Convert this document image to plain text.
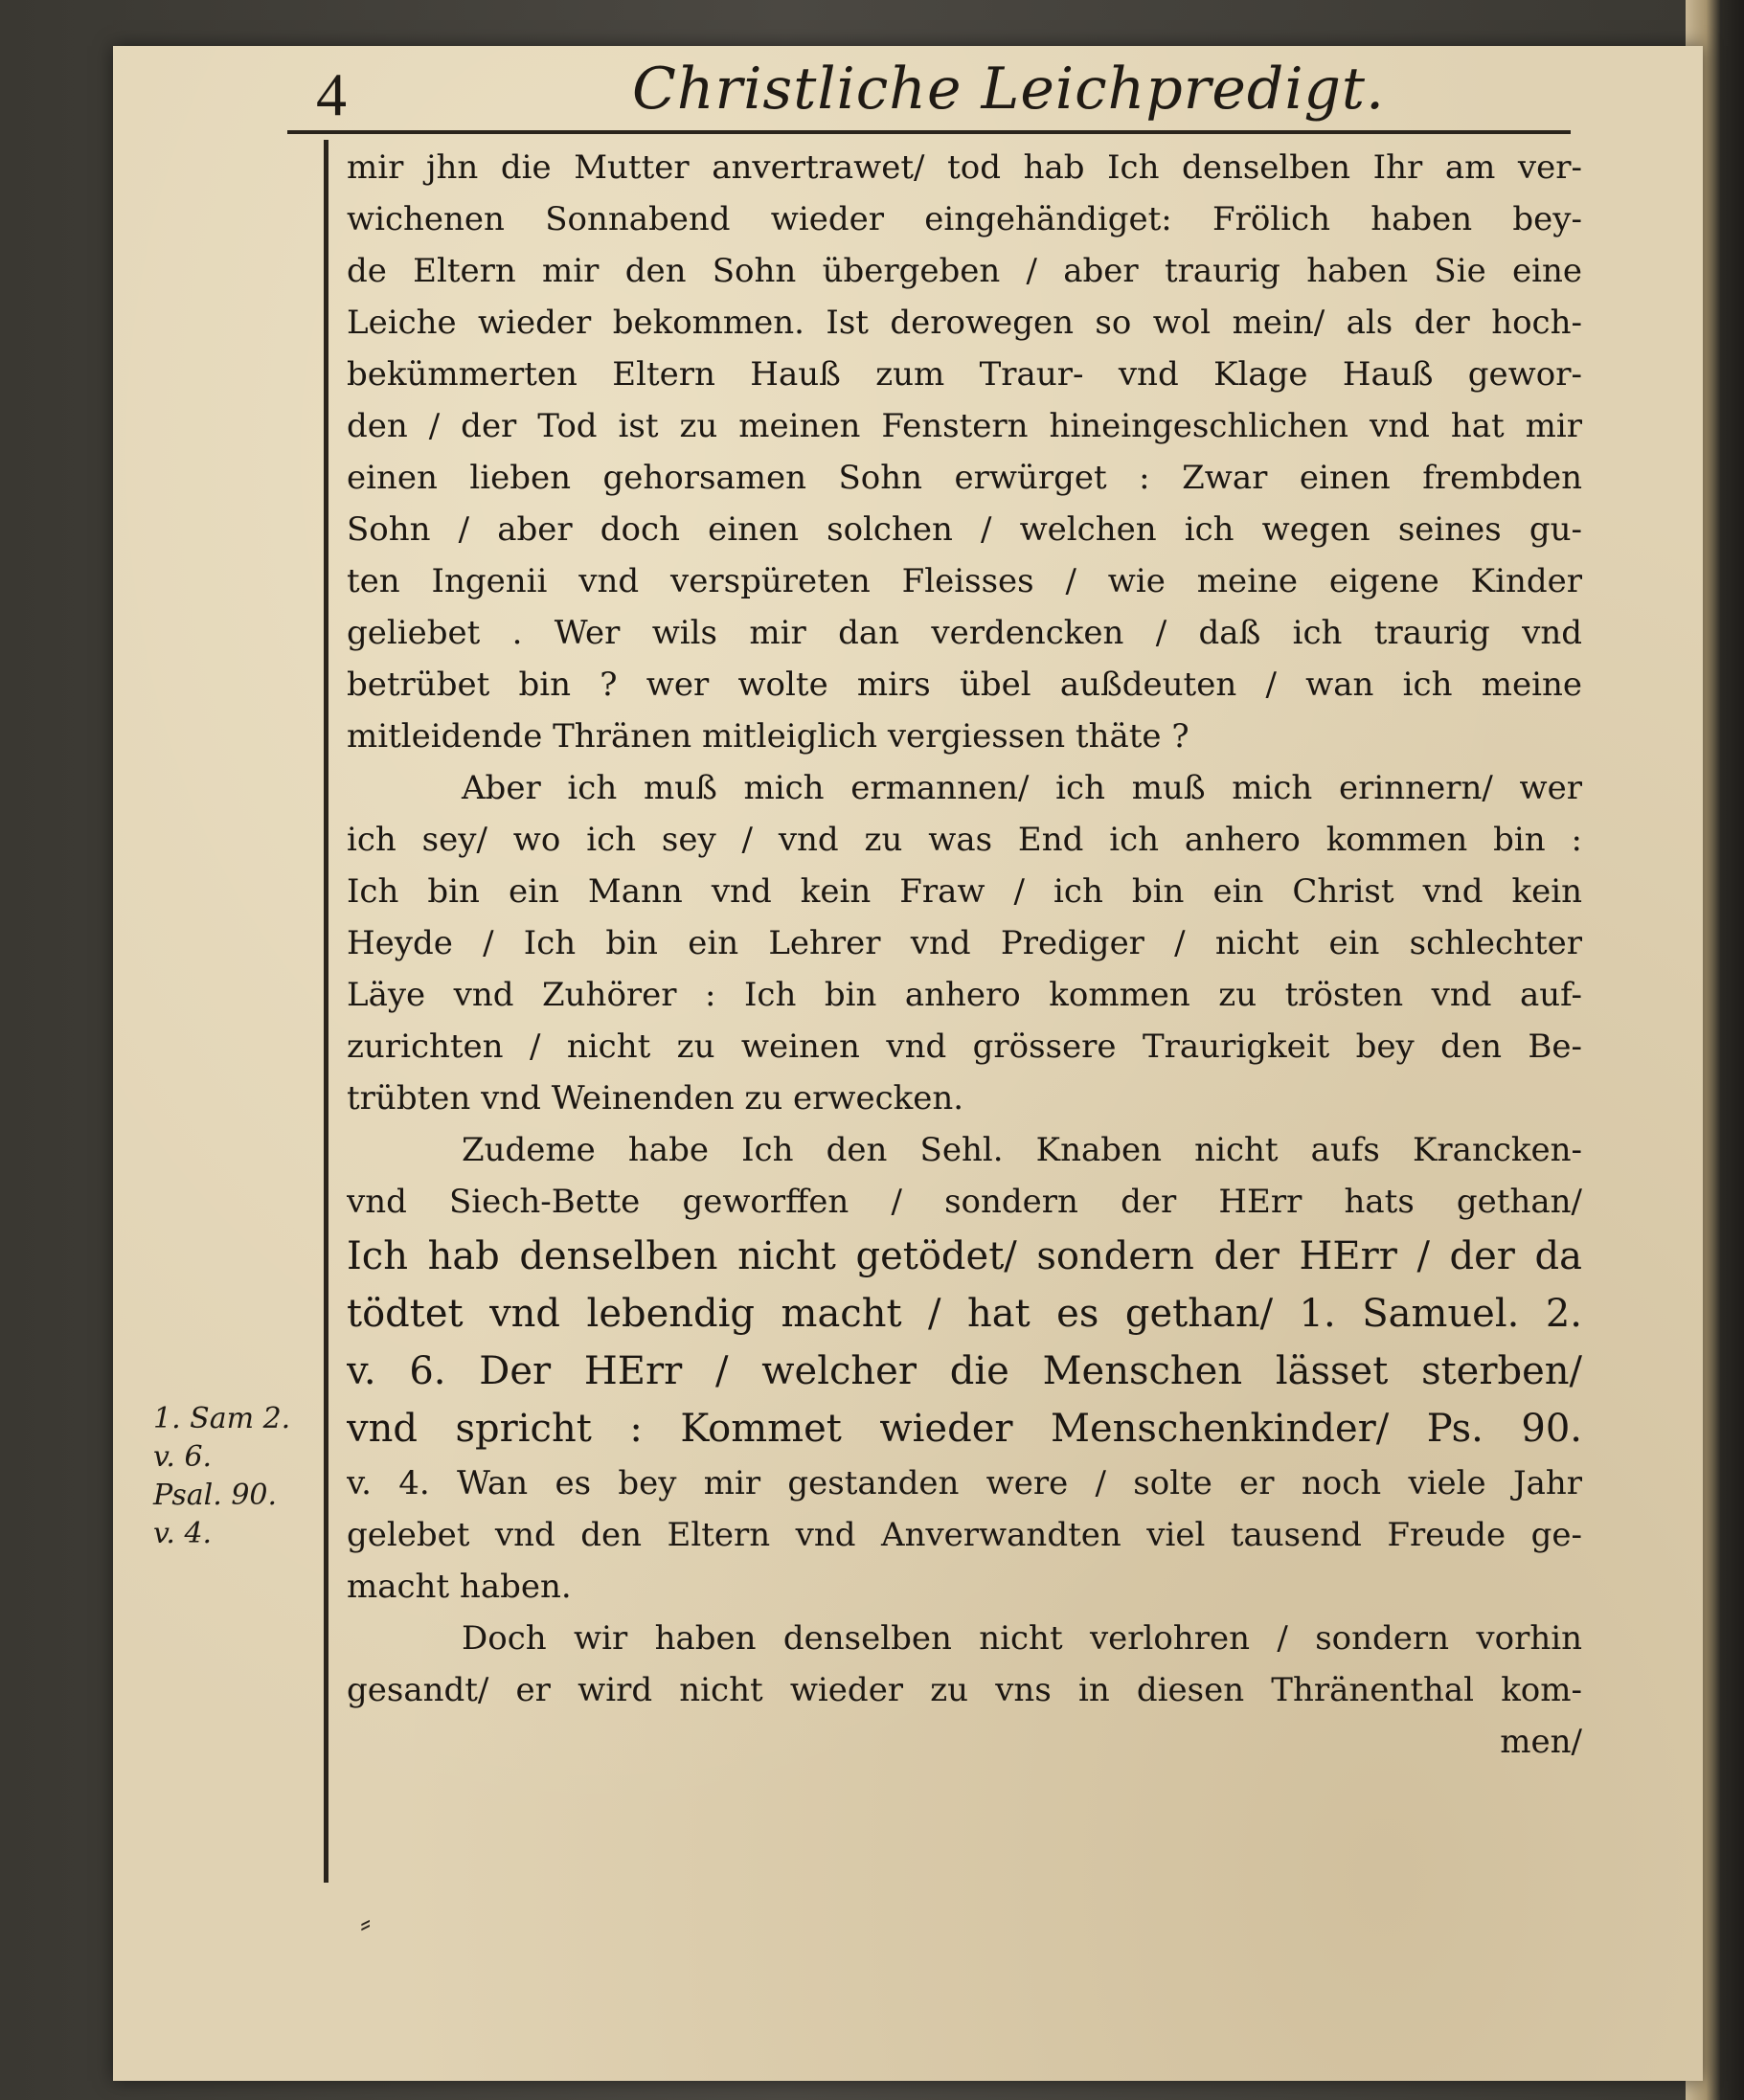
4	Christliche Leichpredigt.
mir jhn die Mutter anvertrawet/ tod hab Ich denselben Ihr am ver-
wichenen Sonnabend wieder eingehändiget: Frölich haben bey-
de Eltern mir den Sohn übergeben / aber traurig haben Sie eine
Leiche wieder bekommen. Ist derowegen so wol mein/ als der hoch-
bekümmerten Eltern Hauß zum Traur- vnd Klage Hauß gewor-
den / der Tod ist zu meinen Fenstern hineingeschlichen vnd hat mir
einen lieben gehorsamen Sohn erwürget : Zwar einen frembden
Sohn / aber doch einen solchen / welchen ich wegen seines gu-
ten Ingenii vnd verspüreten Fleisses / wie meine eigene Kinder
geliebet . Wer wils mir dan verdencken / daß ich traurig vnd
betrübet bin ? wer wolte mirs übel außdeuten / wan ich meine
mitleidende Thränen mitleiglich vergiessen thäte ?
Aber ich muß mich ermannen/ ich muß mich erinnern/ wer
ich sey/ wo ich sey / vnd zu was End ich anhero kommen bin :
Ich bin ein Mann vnd kein Fraw / ich bin ein Christ vnd kein
Heyde / Ich bin ein Lehrer vnd Prediger / nicht ein schlechter
Läye vnd Zuhörer : Ich bin anhero kommen zu trösten vnd auf-
zurichten / nicht zu weinen vnd grössere Traurigkeit bey den Be-
trübten vnd Weinenden zu erwecken.
Zudeme habe Ich den Sehl. Knaben nicht aufs Krancken-
vnd Siech-Bette geworffen / sondern der HErr hats gethan/
Ich hab denselben nicht getödet/ sondern der HErr / der da
tödtet vnd lebendig macht / hat es gethan/ 1. Samuel. 2.
v. 6. Der HErr / welcher die Menschen lässet sterben/
vnd spricht : Kommet wieder Menschenkinder/ Ps. 90.
v. 4. Wan es bey mir gestanden were / solte er noch viele Jahr
gelebet vnd den Eltern vnd Anverwandten viel tausend Freude ge-
macht haben.
Doch wir haben denselben nicht verlohren / sondern vorhin
gesandt/ er wird nicht wieder zu vns in diesen Thränenthal kom-
men/
1. Sam 2.
v. 6.
Psal. 90.
v. 4.
⸗
